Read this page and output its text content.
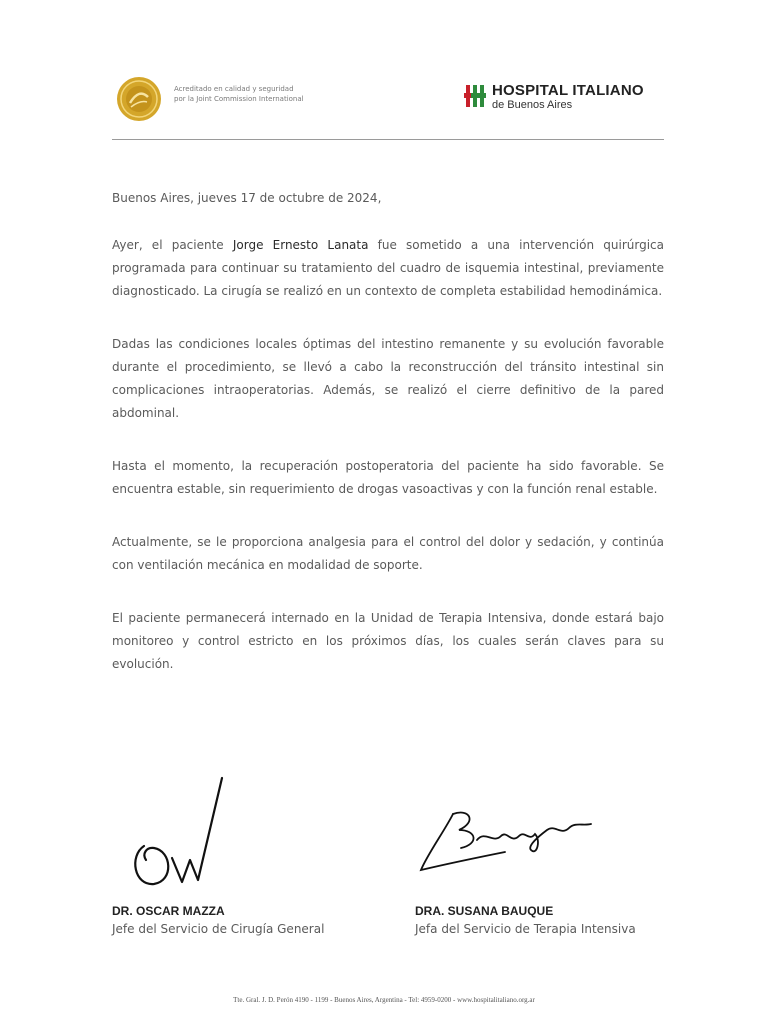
Acreditado en calidad y seguridad
por la Joint Commission International	HOSPITAL ITALIANO
de Buenos Aires

Buenos Aires, jueves 17 de octubre de 2024,

Ayer, el paciente Jorge Ernesto Lanata fue sometido a una intervención quirúrgica programada para continuar su tratamiento del cuadro de isquemia intestinal, previamente diagnosticado. La cirugía se realizó en un contexto de completa estabilidad hemodinámica.

Dadas las condiciones locales óptimas del intestino remanente y su evolución favorable durante el procedimiento, se llevó a cabo la reconstrucción del tránsito intestinal sin complicaciones intraoperatorias. Además, se realizó el cierre definitivo de la pared abdominal.

Hasta el momento, la recuperación postoperatoria del paciente ha sido favorable. Se encuentra estable, sin requerimiento de drogas vasoactivas y con la función renal estable.

Actualmente, se le proporciona analgesia para el control del dolor y sedación, y continúa con ventilación mecánica en modalidad de soporte.

El paciente permanecerá internado en la Unidad de Terapia Intensiva, donde estará bajo monitoreo y control estricto en los próximos días, los cuales serán claves para su evolución.

DR. OSCAR MAZZA
Jefe del Servicio de Cirugía General
DRA. SUSANA BAUQUE
Jefa del Servicio de Terapia Intensiva
Tte. Gral. J. D. Perón 4190 - 1199 - Buenos Aires, Argentina - Tel: 4959-0200 - www.hospitalitaliano.org.ar
